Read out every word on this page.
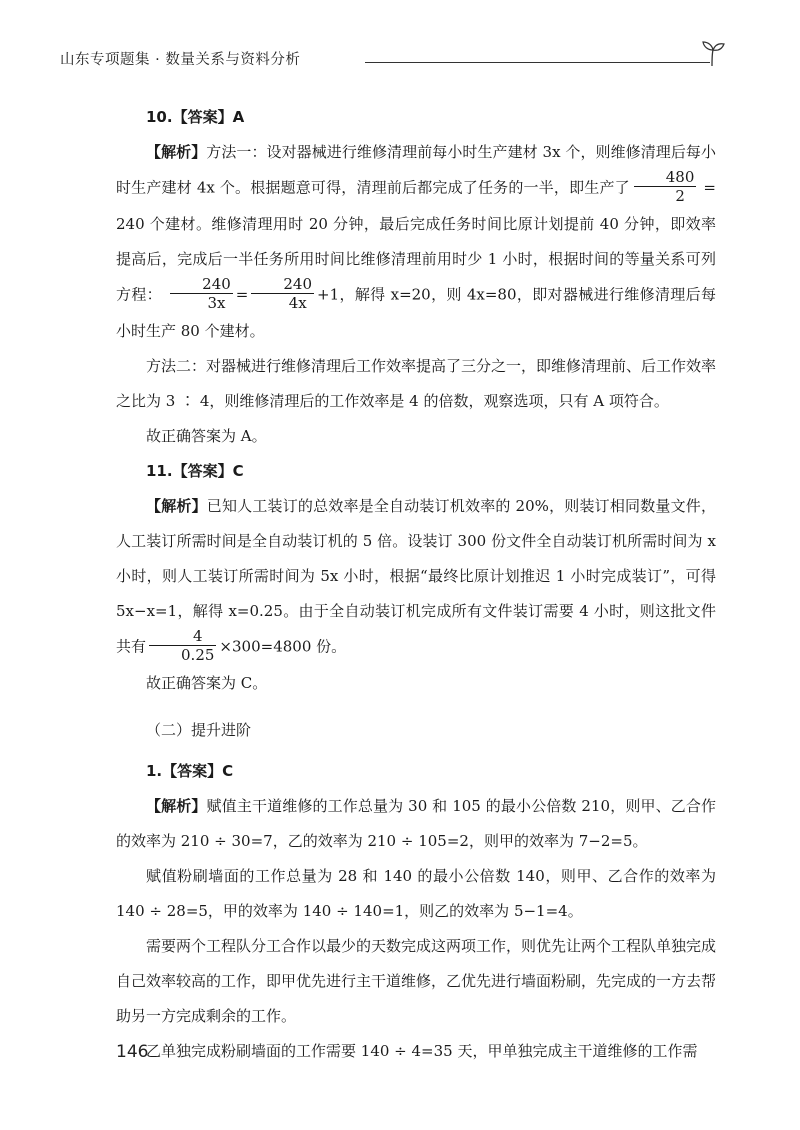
山东专项题集 · 数量关系与资料分析

10.【答案】A

【解析】方法一：设对器械进行维修清理前每小时生产建材 3x 个，则维修清理后每小时生产建材 4x 个。根据题意可得，清理前后都完成了任务的一半，即生产了 $\frac{480}{2} = 240$ 个建材。维修清理用时 20 分钟，最后完成任务时间比原计划提前 40 分钟，即效率提高后，完成后一半任务所用时间比维修清理前用时少 1 小时，根据时间的等量关系可列方程： $\frac{240}{3x} = \frac{240}{4x} +1$，解得 x=20，则 4x=80，即对器械进行维修清理后每小时生产 80 个建材。

方法二：对器械进行维修清理后工作效率提高了三分之一，即维修清理前、后工作效率之比为 3 ∶ 4，则维修清理后的工作效率是 4 的倍数，观察选项，只有 A 项符合。

故正确答案为 A。

11.【答案】C

【解析】已知人工装订的总效率是全自动装订机效率的 20%，则装订相同数量文件，人工装订所需时间是全自动装订机的 5 倍。设装订 300 份文件全自动装订机所需时间为 x 小时，则人工装订所需时间为 5x 小时，根据“最终比原计划推迟 1 小时完成装订”，可得 5x−x=1，解得 x=0.25。由于全自动装订机完成所有文件装订需要 4 小时，则这批文件共有 $\frac{4}{0.25} \times 300=4800$ 份。

故正确答案为 C。

（二）提升进阶

1.【答案】C

【解析】赋值主干道维修的工作总量为 30 和 105 的最小公倍数 210，则甲、乙合作的效率为 210 ÷ 30=7，乙的效率为 210 ÷ 105=2，则甲的效率为 7−2=5。

赋值粉刷墙面的工作总量为 28 和 140 的最小公倍数 140，则甲、乙合作的效率为 140 ÷ 28=5，甲的效率为 140 ÷ 140=1，则乙的效率为 5−1=4。

需要两个工程队分工合作以最少的天数完成这两项工作，则优先让两个工程队单独完成自己效率较高的工作，即甲优先进行主干道维修，乙优先进行墙面粉刷，先完成的一方去帮助另一方完成剩余的工作。

乙单独完成粉刷墙面的工作需要 140 ÷ 4=35 天，甲单独完成主干道维修的工作需

146
